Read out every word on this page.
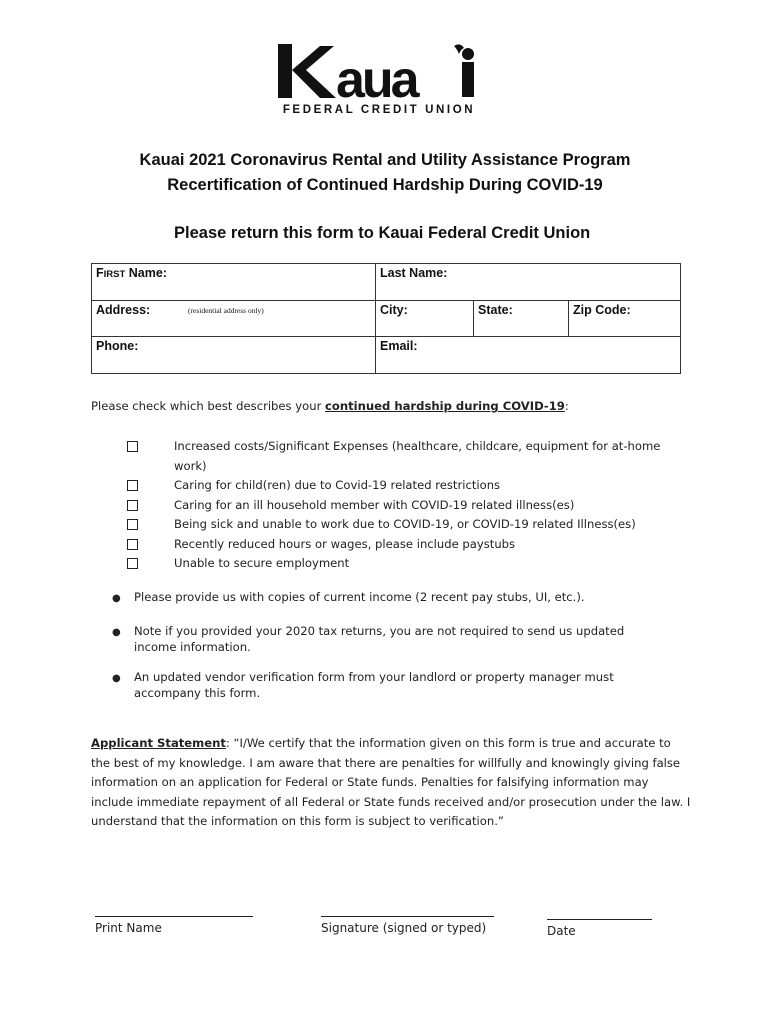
aua
FEDERAL CREDIT UNION
Kauai 2021 Coronavirus Rental and Utility Assistance Program
Recertification of Continued Hardship During COVID-19
Please return this form to Kauai Federal Credit Union
FIRST Name:	Last Name:		
Address: (residential address only)	City:	State:	Zip Code:
Phone:	Email:		
Please check which best describes your continued hardship during COVID-19:
Increased costs/Significant Expenses (healthcare, childcare, equipment for at-home work)
Caring for child(ren) due to Covid-19 related restrictions
Caring for an ill household member with COVID-19 related illness(es)
Being sick and unable to work due to COVID-19, or COVID-19 related Illness(es)
Recently reduced hours or wages, please include paystubs
Unable to secure employment
● Please provide us with copies of current income (2 recent pay stubs, UI, etc.).
● Note if you provided your 2020 tax returns, you are not required to send us updated income information.
● An updated vendor verification form from your landlord or property manager must accompany this form.
Applicant Statement: “I/We certify that the information given on this form is true and accurate to the best of my knowledge. I am aware that there are penalties for willfully and knowingly giving false information on an application for Federal or State funds. Penalties for falsifying information may include immediate repayment of all Federal or State funds received and/or prosecution under the law. I understand that the information on this form is subject to verification.”
Print Name	Signature (signed or typed)	Date
